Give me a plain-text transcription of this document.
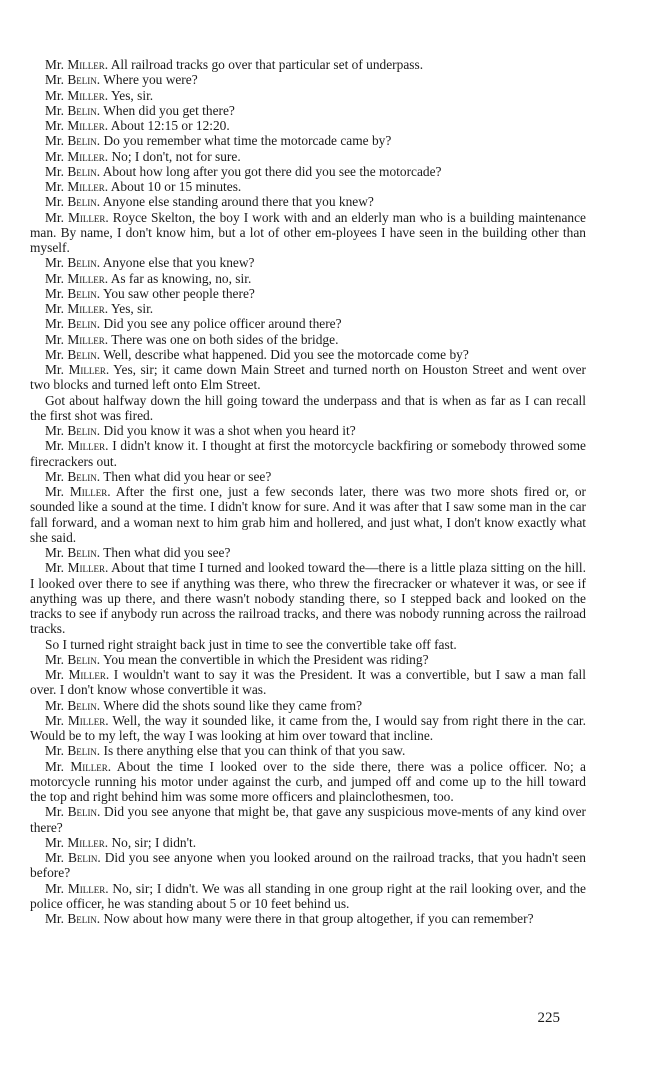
Mr. Miller. All railroad tracks go over that particular set of underpass.

Mr. Belin. Where you were?

Mr. Miller. Yes, sir.

Mr. Belin. When did you get there?

Mr. Miller. About 12:15 or 12:20.

Mr. Belin. Do you remember what time the motorcade came by?

Mr. Miller. No; I don't, not for sure.

Mr. Belin. About how long after you got there did you see the motorcade?

Mr. Miller. About 10 or 15 minutes.

Mr. Belin. Anyone else standing around there that you knew?

Mr. Miller. Royce Skelton, the boy I work with and an elderly man who is a building maintenance man. By name, I don't know him, but a lot of other em-ployees I have seen in the building other than myself.

Mr. Belin. Anyone else that you knew?

Mr. Miller. As far as knowing, no, sir.

Mr. Belin. You saw other people there?

Mr. Miller. Yes, sir.

Mr. Belin. Did you see any police officer around there?

Mr. Miller. There was one on both sides of the bridge.

Mr. Belin. Well, describe what happened. Did you see the motorcade come by?

Mr. Miller. Yes, sir; it came down Main Street and turned north on Houston Street and went over two blocks and turned left onto Elm Street.

Got about halfway down the hill going toward the underpass and that is when as far as I can recall the first shot was fired.

Mr. Belin. Did you know it was a shot when you heard it?

Mr. Miller. I didn't know it. I thought at first the motorcycle backfiring or somebody throwed some firecrackers out.

Mr. Belin. Then what did you hear or see?

Mr. Miller. After the first one, just a few seconds later, there was two more shots fired or, or sounded like a sound at the time. I didn't know for sure. And it was after that I saw some man in the car fall forward, and a woman next to him grab him and hollered, and just what, I don't know exactly what she said.

Mr. Belin. Then what did you see?

Mr. Miller. About that time I turned and looked toward the—there is a little plaza sitting on the hill. I looked over there to see if anything was there, who threw the firecracker or whatever it was, or see if anything was up there, and there wasn't nobody standing there, so I stepped back and looked on the tracks to see if anybody run across the railroad tracks, and there was nobody running across the railroad tracks.

So I turned right straight back just in time to see the convertible take off fast.

Mr. Belin. You mean the convertible in which the President was riding?

Mr. Miller. I wouldn't want to say it was the President. It was a convertible, but I saw a man fall over. I don't know whose convertible it was.

Mr. Belin. Where did the shots sound like they came from?

Mr. Miller. Well, the way it sounded like, it came from the, I would say from right there in the car. Would be to my left, the way I was looking at him over toward that incline.

Mr. Belin. Is there anything else that you can think of that you saw.

Mr. Miller. About the time I looked over to the side there, there was a police officer. No; a motorcycle running his motor under against the curb, and jumped off and come up to the hill toward the top and right behind him was some more officers and plainclothesmen, too.

Mr. Belin. Did you see anyone that might be, that gave any suspicious move-ments of any kind over there?

Mr. Miller. No, sir; I didn't.

Mr. Belin. Did you see anyone when you looked around on the railroad tracks, that you hadn't seen before?

Mr. Miller. No, sir; I didn't. We was all standing in one group right at the rail looking over, and the police officer, he was standing about 5 or 10 feet behind us.

Mr. Belin. Now about how many were there in that group altogether, if you can remember?

225
